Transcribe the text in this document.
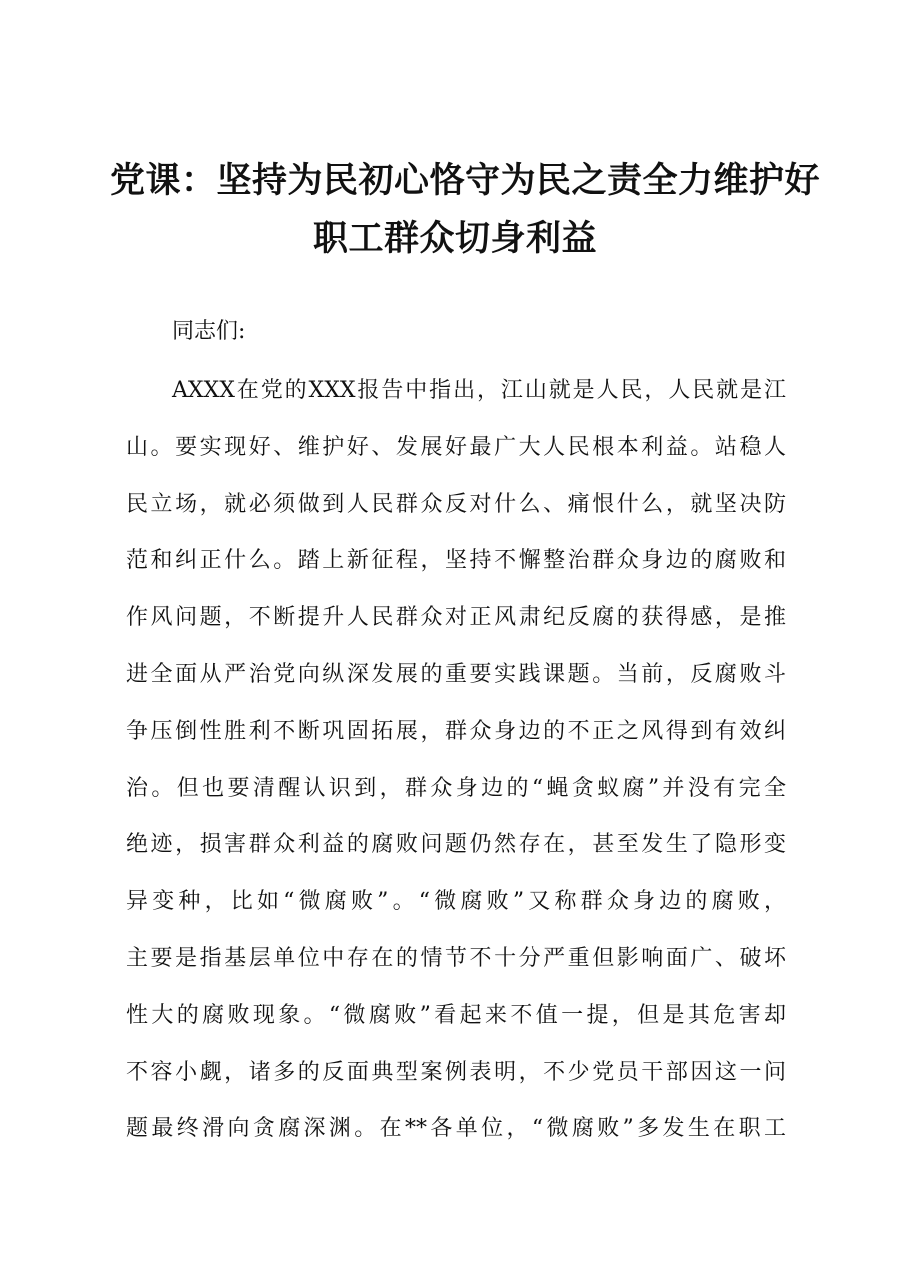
党课：坚持为民初心恪守为民之责全力维护好
职工群众切身利益
同志们:
AXXX在党的XXX报告中指出，江山就是人民，人民就是江
山。要实现好、维护好、发展好最广大人民根本利益。站稳人
民立场，就必须做到人民群众反对什么、痛恨什么，就坚决防
范和纠正什么。踏上新征程，坚持不懈整治群众身边的腐败和
作风问题，不断提升人民群众对正风肃纪反腐的获得感，是推
进全面从严治党向纵深发展的重要实践课题。当前，反腐败斗
争压倒性胜利不断巩固拓展，群众身边的不正之风得到有效纠
治。但也要清醒认识到，群众身边的“蝇贪蚁腐”并没有完全
绝迹，损害群众利益的腐败问题仍然存在，甚至发生了隐形变
异变种，比如“微腐败”。“微腐败”又称群众身边的腐败，
主要是指基层单位中存在的情节不十分严重但影响面广、破坏
性大的腐败现象。“微腐败”看起来不值一提，但是其危害却
不容小觑，诸多的反面典型案例表明，不少党员干部因这一问
题最终滑向贪腐深渊。在**各单位，“微腐败”多发生在职工
